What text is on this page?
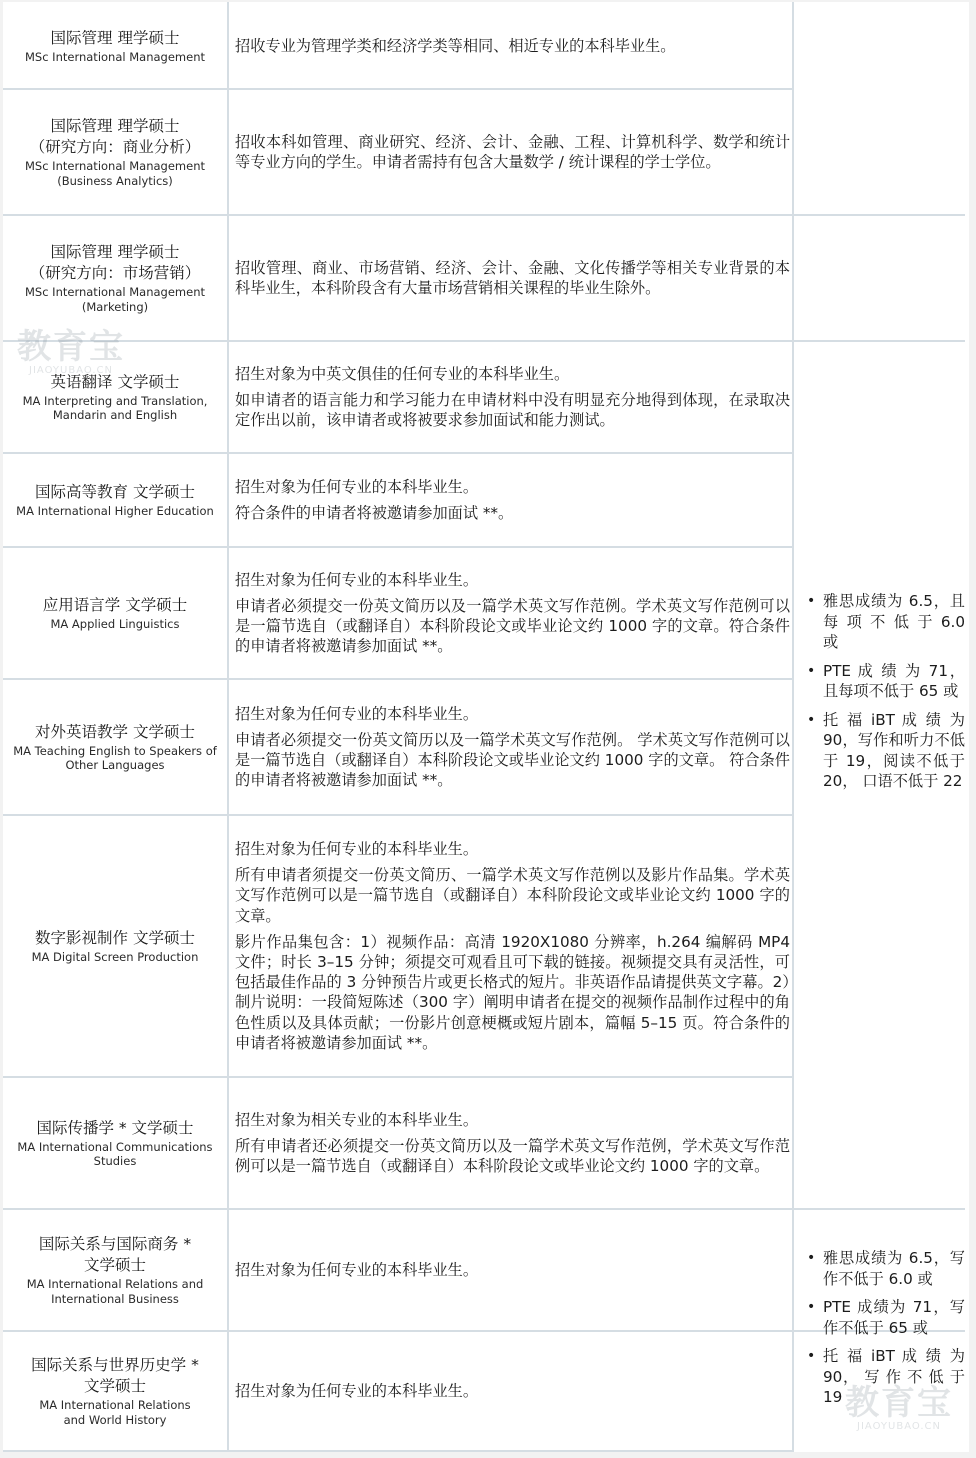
国际管理 理学硕士
MSc International Management

招收专业为管理学类和经济学类等相同、相近专业的本科毕业生。

国际管理 理学硕士
（研究方向：商业分析）
MSc International Management
(Business Analytics)

招收本科如管理、商业研究、经济、会计、金融、工程、计算机科学、数学和统计等专业方向的学生。申请者需持有包含大量数学 / 统计课程的学士学位。

国际管理 理学硕士
（研究方向：市场营销）
MSc International Management
(Marketing)

招收管理、商业、市场营销、经济、会计、金融、文化传播学等相关专业背景的本科毕业生，本科阶段含有大量市场营销相关课程的毕业生除外。

英语翻译 文学硕士
MA Interpreting and Translation,
Mandarin and English

招生对象为中英文俱佳的任何专业的本科毕业生。

如申请者的语言能力和学习能力在申请材料中没有明显充分地得到体现，在录取决定作出以前，该申请者或将被要求参加面试和能力测试。

国际高等教育 文学硕士
MA International Higher Education

招生对象为任何专业的本科毕业生。

符合条件的申请者将被邀请参加面试 **。

应用语言学 文学硕士
MA Applied Linguistics

招生对象为任何专业的本科毕业生。

申请者必须提交一份英文简历以及一篇学术英文写作范例。学术英文写作范例可以是一篇节选自（或翻译自）本科阶段论文或毕业论文约 1000 字的文章。符合条件的申请者将被邀请参加面试 **。

对外英语教学 文学硕士
MA Teaching English to Speakers of
Other Languages

招生对象为任何专业的本科毕业生。

申请者必须提交一份英文简历以及一篇学术英文写作范例。 学术英文写作范例可以是一篇节选自（或翻译自）本科阶段论文或毕业论文约 1000 字的文章。 符合条件的申请者将被邀请参加面试 **。

数字影视制作 文学硕士
MA Digital Screen Production

招生对象为任何专业的本科毕业生。

所有申请者须提交一份英文简历、一篇学术英文写作范例以及影片作品集。学术英文写作范例可以是一篇节选自（或翻译自）本科阶段论文或毕业论文约 1000 字的文章。

影片作品集包含：1）视频作品：高清 1920X1080 分辨率，h.264 编解码 MP4 文件；时长 3–15 分钟；须提交可观看且可下载的链接。视频提交具有灵活性，可包括最佳作品的 3 分钟预告片或更长格式的短片。非英语作品请提供英文字幕。2）制片说明：一段简短陈述（300 字）阐明申请者在提交的视频作品制作过程中的角色性质以及具体贡献；一份影片创意梗概或短片剧本，篇幅 5–15 页。符合条件的申请者将被邀请参加面试 **。

国际传播学 * 文学硕士
MA International Communications
Studies

招生对象为相关专业的本科毕业生。

所有申请者还必须提交一份英文简历以及一篇学术英文写作范例，学术英文写作范例可以是一篇节选自（或翻译自）本科阶段论文或毕业论文约 1000 字的文章。

国际关系与国际商务 *
文学硕士
MA International Relations and
International Business

招生对象为任何专业的本科毕业生。

国际关系与世界历史学 *
文学硕士
MA International Relations
and World History

招生对象为任何专业的本科毕业生。

• 雅思成绩为 6.5，且 每 项 不 低 于 6.0 或
• PTE 成 绩 为 71，且每项不低于 65 或
• 托 福 iBT 成 绩 为 90，写作和听力不低于 19，阅读不低于 20， 口语不低于 22
• 雅思成绩为 6.5，写作不低于 6.0 或
• PTE 成绩为 71，写作不低于 65 或
• 托 福 iBT 成 绩 为 90， 写 作 不 低 于 19
教育宝
JIAOYUBAO.CN
教育宝
JIAOYUBAO.CN
